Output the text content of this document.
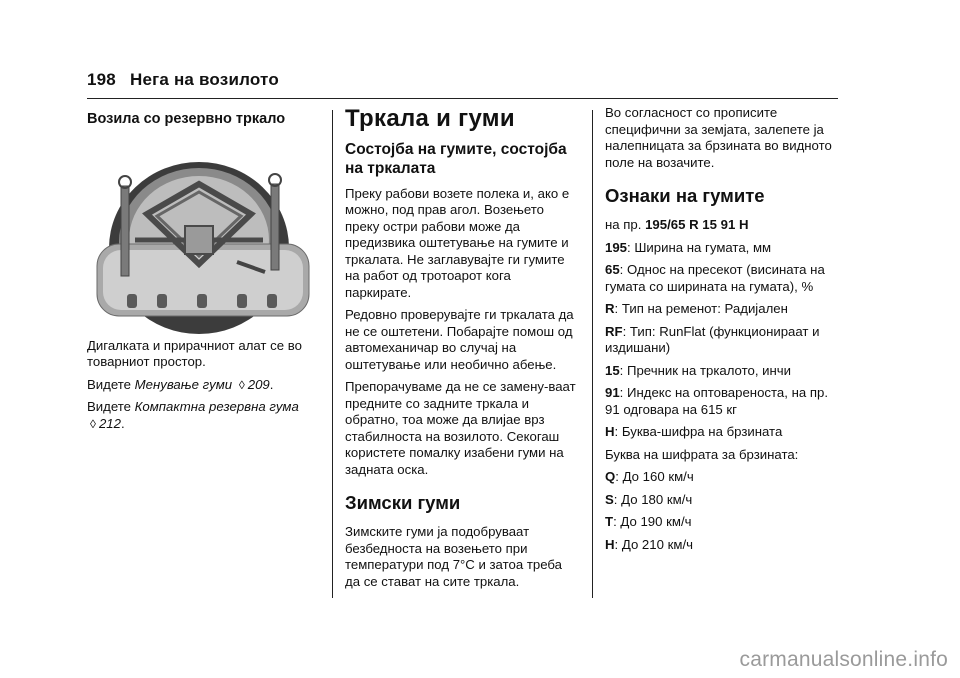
198 Нега на возилото
Возила со резервно тркало

Дигалката и прирачниот алат се во товарниот простор.

Видете Менување гуми ◊ 209.

Видете Компактна резервна гума
◊ 212.

Тркала и гуми
Состојба на гумите, состојба на тркалата

Преку рабови возете полека и, ако е можно, под прав агол. Возењето преку остри рабови може да предизвика оштетување на гумите и тркалата. Не заглавувајте ги гумите на работ од тротоарот кога паркирате.

Редовно проверувајте ги тркалата да не се оштетени. Побарајте помош од автомеханичар во случај на оштетување или необично абење.

Препорачуваме да не се замену-ваат предните со задните тркала и обратно, тоа може да влијае врз стабилноста на возилото. Секогаш користете помалку изабени гуми на задната оска.

Зимски гуми

Зимските гуми ја подобруваат безбедноста на возењето при температури под 7°C и затоа треба да се стават на сите тркала.

Во согласност со прописите специфични за земјата, залепете ја налепницата за брзината во видното поле на возачите.

Ознаки на гумите

на пр. 195/65 R 15 91 H

195: Ширина на гумата, мм

65: Однос на пресекот (висината на гумата со ширината на гумата), %

R: Тип на ременот: Радијален

RF: Тип: RunFlat (функционираат и издишани)

15: Пречник на тркалото, инчи

91: Индекс на оптовареноста, на пр. 91 одговара на 615 кг

H: Буква-шифра на брзината

Буква на шифрата за брзината:

Q: До 160 км/ч

S: До 180 км/ч

T: До 190 км/ч

H: До 210 км/ч

carmanualsonline.info
